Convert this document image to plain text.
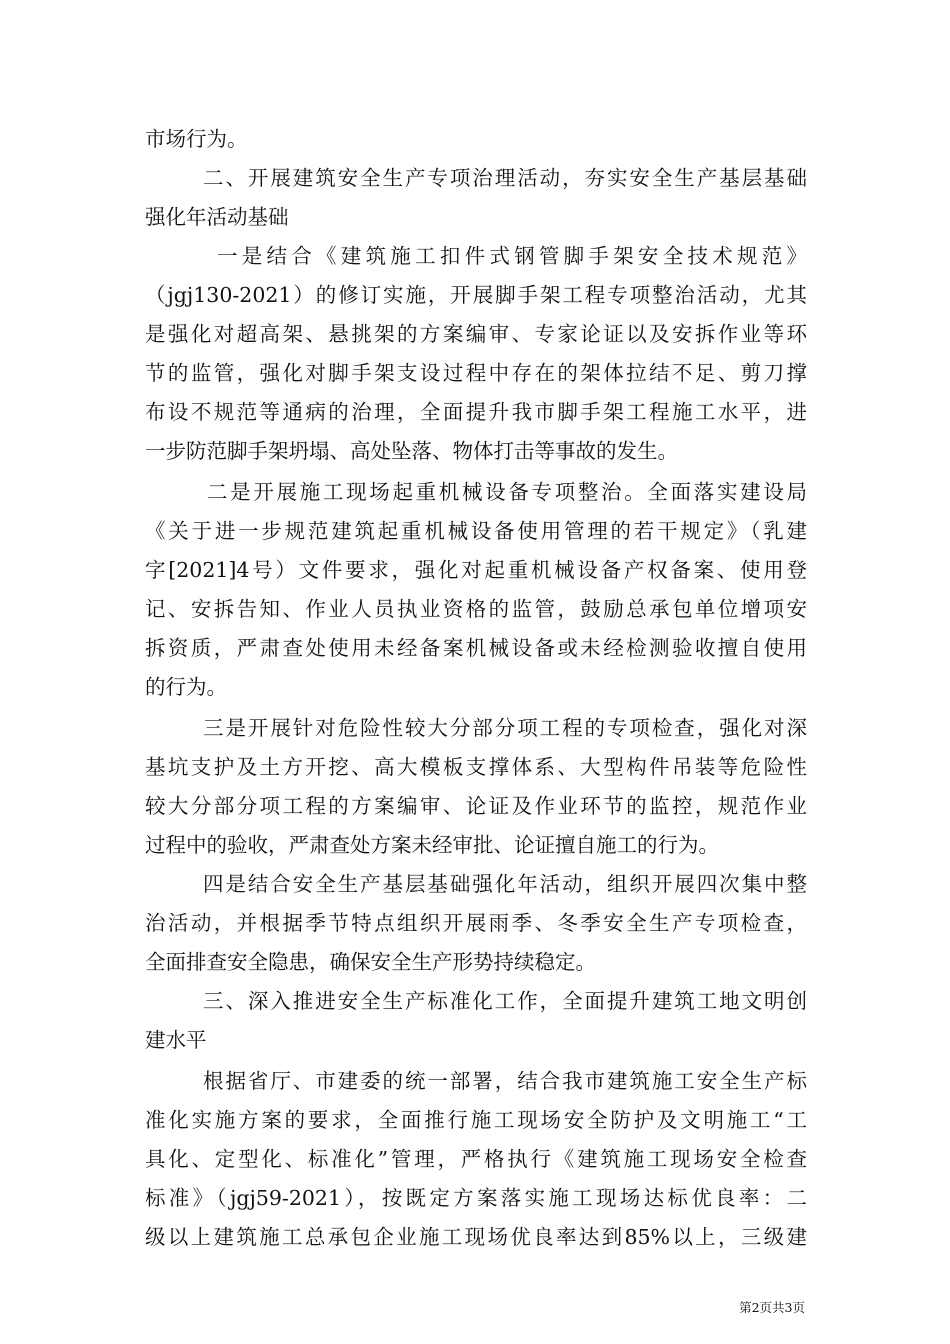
市场行为。
二、开展建筑安全生产专项治理活动，夯实安全生产基层基础
强化年活动基础
一是结合《建筑施工扣件式钢管脚手架安全技术规范》
（jgj130-2021）的修订实施，开展脚手架工程专项整治活动，尤其
是强化对超高架、悬挑架的方案编审、专家论证以及安拆作业等环
节的监管，强化对脚手架支设过程中存在的架体拉结不足、剪刀撑
布设不规范等通病的治理，全面提升我市脚手架工程施工水平，进
一步防范脚手架坍塌、高处坠落、物体打击等事故的发生。
二是开展施工现场起重机械设备专项整治。全面落实建设局
《关于进一步规范建筑起重机械设备使用管理的若干规定》（乳建
字[2021]4号）文件要求，强化对起重机械设备产权备案、使用登
记、安拆告知、作业人员执业资格的监管，鼓励总承包单位增项安
拆资质，严肃查处使用未经备案机械设备或未经检测验收擅自使用
的行为。
三是开展针对危险性较大分部分项工程的专项检查，强化对深
基坑支护及土方开挖、高大模板支撑体系、大型构件吊装等危险性
较大分部分项工程的方案编审、论证及作业环节的监控，规范作业
过程中的验收，严肃查处方案未经审批、论证擅自施工的行为。
四是结合安全生产基层基础强化年活动，组织开展四次集中整
治活动，并根据季节特点组织开展雨季、冬季安全生产专项检查，
全面排查安全隐患，确保安全生产形势持续稳定。
三、深入推进安全生产标准化工作，全面提升建筑工地文明创
建水平
根据省厅、市建委的统一部署，结合我市建筑施工安全生产标
准化实施方案的要求，全面推行施工现场安全防护及文明施工“工
具化、定型化、标准化”管理，严格执行《建筑施工现场安全检查
标准》（jgj59-2021），按既定方案落实施工现场达标优良率：二
级以上建筑施工总承包企业施工现场优良率达到85%以上，三级建
第2页共3页
